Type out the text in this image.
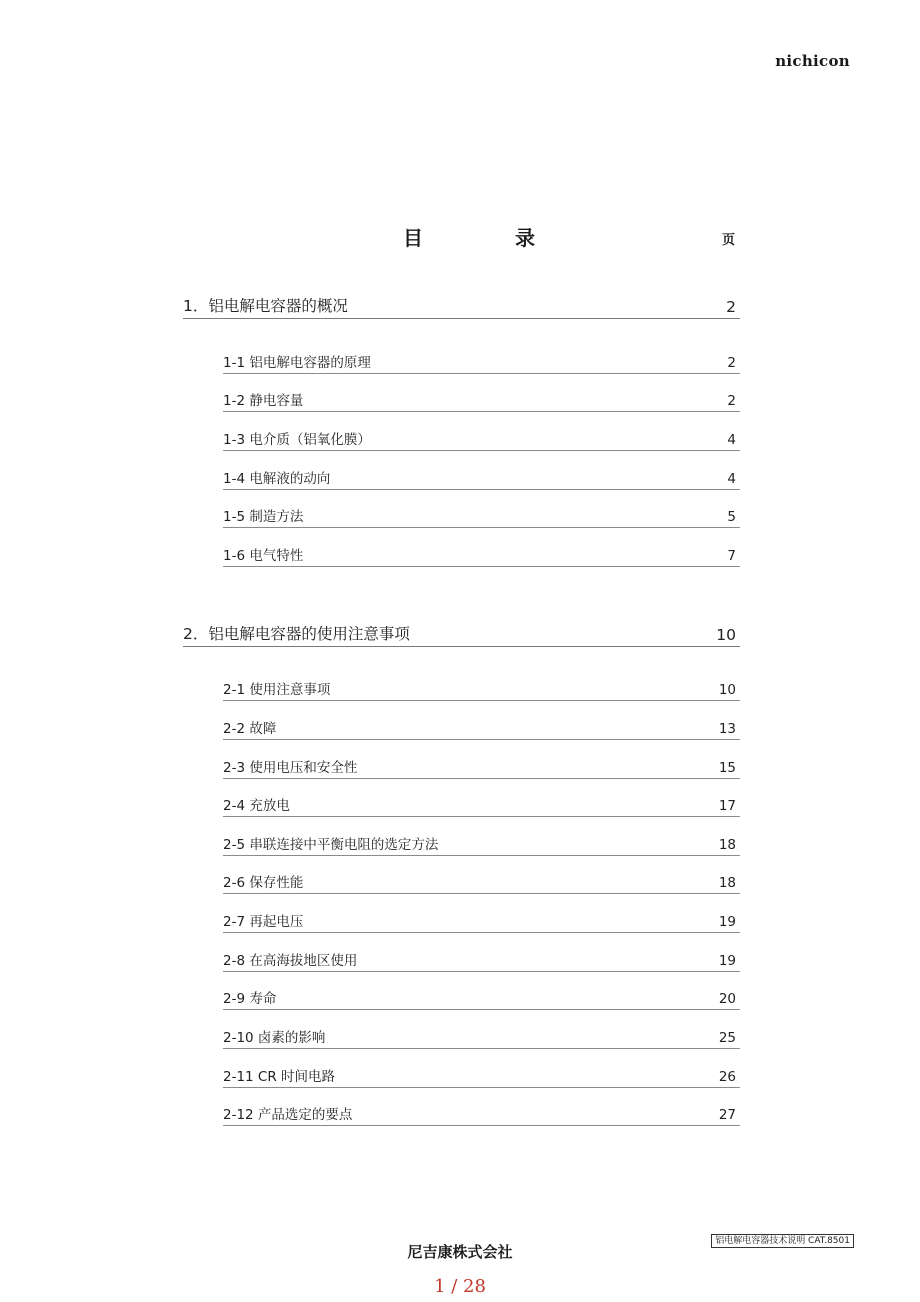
nichicon
目　录	页
1．铝电解电容器的概况	2
1-1 铝电解电容器的原理	2
1-2 静电容量	2
1-3 电介质（铝氧化膜）	4
1-4 电解液的动向	4
1-5 制造方法	5
1-6 电气特性	7
2．铝电解电容器的使用注意事项	10
2-1 使用注意事项	10
2-2 故障	13
2-3 使用电压和安全性	15
2-4 充放电	17
2-5 串联连接中平衡电阻的选定方法	18
2-6 保存性能	18
2-7 再起电压	19
2-8 在高海拔地区使用	19
2-9 寿命	20
2-10 卤素的影响	25
2-11 CR 时间电路	26
2-12 产品选定的要点	27
尼吉康株式会社
铝电解电容器技术说明 CAT.8501
1 / 28
